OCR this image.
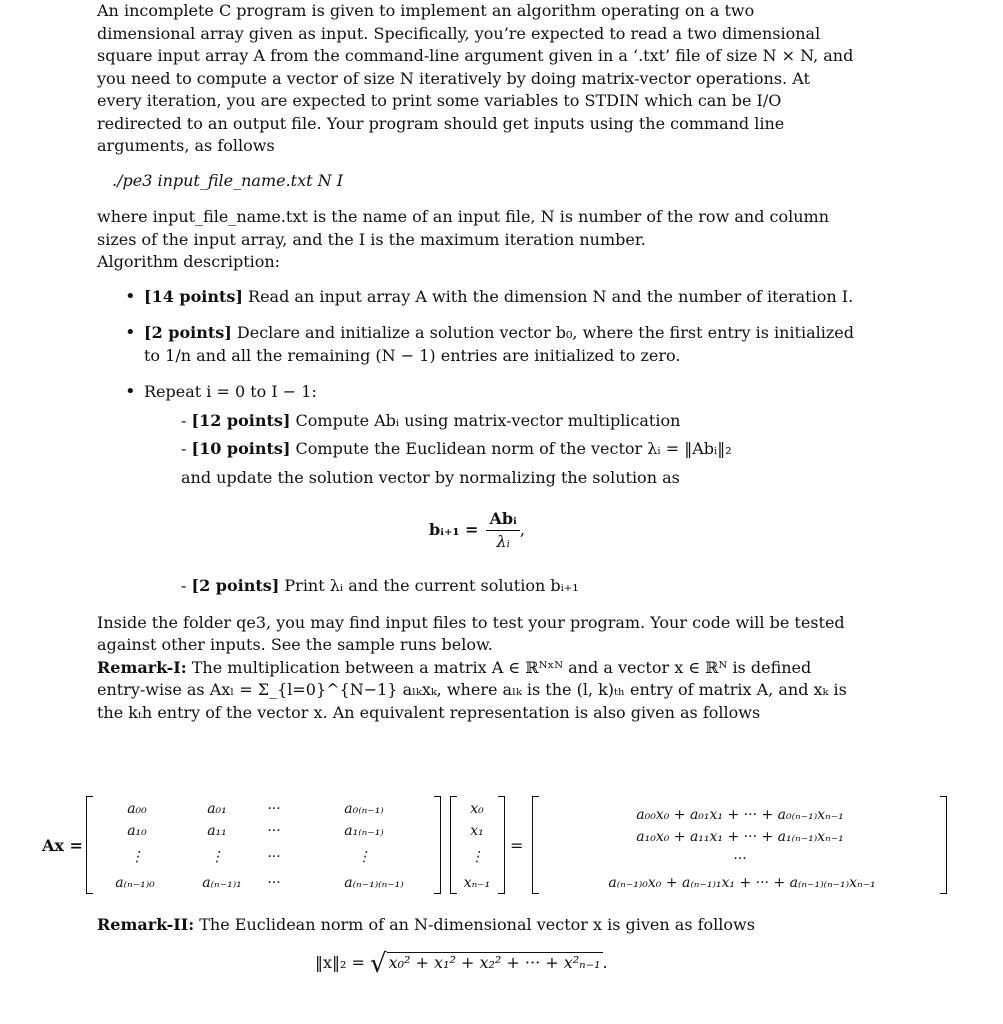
An incomplete C program is given to implement an algorithm operating on a two dimensional array given as input. Specifically, you’re expected to read a two dimensional square input array A from the command-line argument given in a ‘.txt’ file of size N × N, and you need to compute a vector of size N iteratively by doing matrix-vector operations. At every iteration, you are expected to print some variables to STDIN which can be I/O redirected to an output file. Your program should get inputs using the command line arguments, as follows

./pe3 input_file_name.txt N I

where input_file_name.txt is the name of an input file, N is number of the row and column sizes of the input array, and the I is the maximum iteration number.

Algorithm description:

• [14 points] Read an input array A with the dimension N and the number of iteration I.
• [2 points] Declare and initialize a solution vector b₀, where the first entry is initialized to 1/n and all the remaining (N − 1) entries are initialized to zero.
• Repeat i = 0 to I − 1:

- [12 points] Compute Abᵢ using matrix-vector multiplication

- [10 points] Compute the Euclidean norm of the vector λᵢ = ‖Abᵢ‖₂

and update the solution vector by normalizing the solution as

bᵢ₊₁ = $\frac{\text{Abᵢ}}{\text{λᵢ}}$ ,

- [2 points] Print λᵢ and the current solution bᵢ₊₁

Inside the folder qe3, you may find input files to test your program. Your code will be tested against other inputs. See the sample runs below.

Remark-I: The multiplication between a matrix A ∈ ℝᴺˣᴺ and a vector x ∈ ℝᴺ is defined entry-wise as Axₗ = Σ_{l=0}^{N−1} aₗₖxₖ, where aₗₖ is the (l, k)ₜₕ entry of matrix A, and xₖ is the kₜh entry of the vector x. An equivalent representation is also given as follows

Ax =
a₀₀	a₀₁	···	a₀₍ₙ₋₁₎
a₁₀	a₁₁	···	a₁₍ₙ₋₁₎
⋮	⋮	···	⋮
a₍ₙ₋₁₎₀	a₍ₙ₋₁₎₁	···	a₍ₙ₋₁₎₍ₙ₋₁₎
x₀
x₁
⋮
xₙ₋₁
=
a₀₀x₀ + a₀₁x₁ + ··· + a₀₍ₙ₋₁₎xₙ₋₁
a₁₀x₀ + a₁₁x₁ + ··· + a₁₍ₙ₋₁₎xₙ₋₁
···
a₍ₙ₋₁₎₀x₀ + a₍ₙ₋₁₎₁x₁ + ··· + a₍ₙ₋₁₎₍ₙ₋₁₎xₙ₋₁

Remark-II: The Euclidean norm of an N-dimensional vector x is given as follows

‖x‖₂ = √ x₀² + x₁² + x₂² + ··· + x²ₙ₋₁ .
